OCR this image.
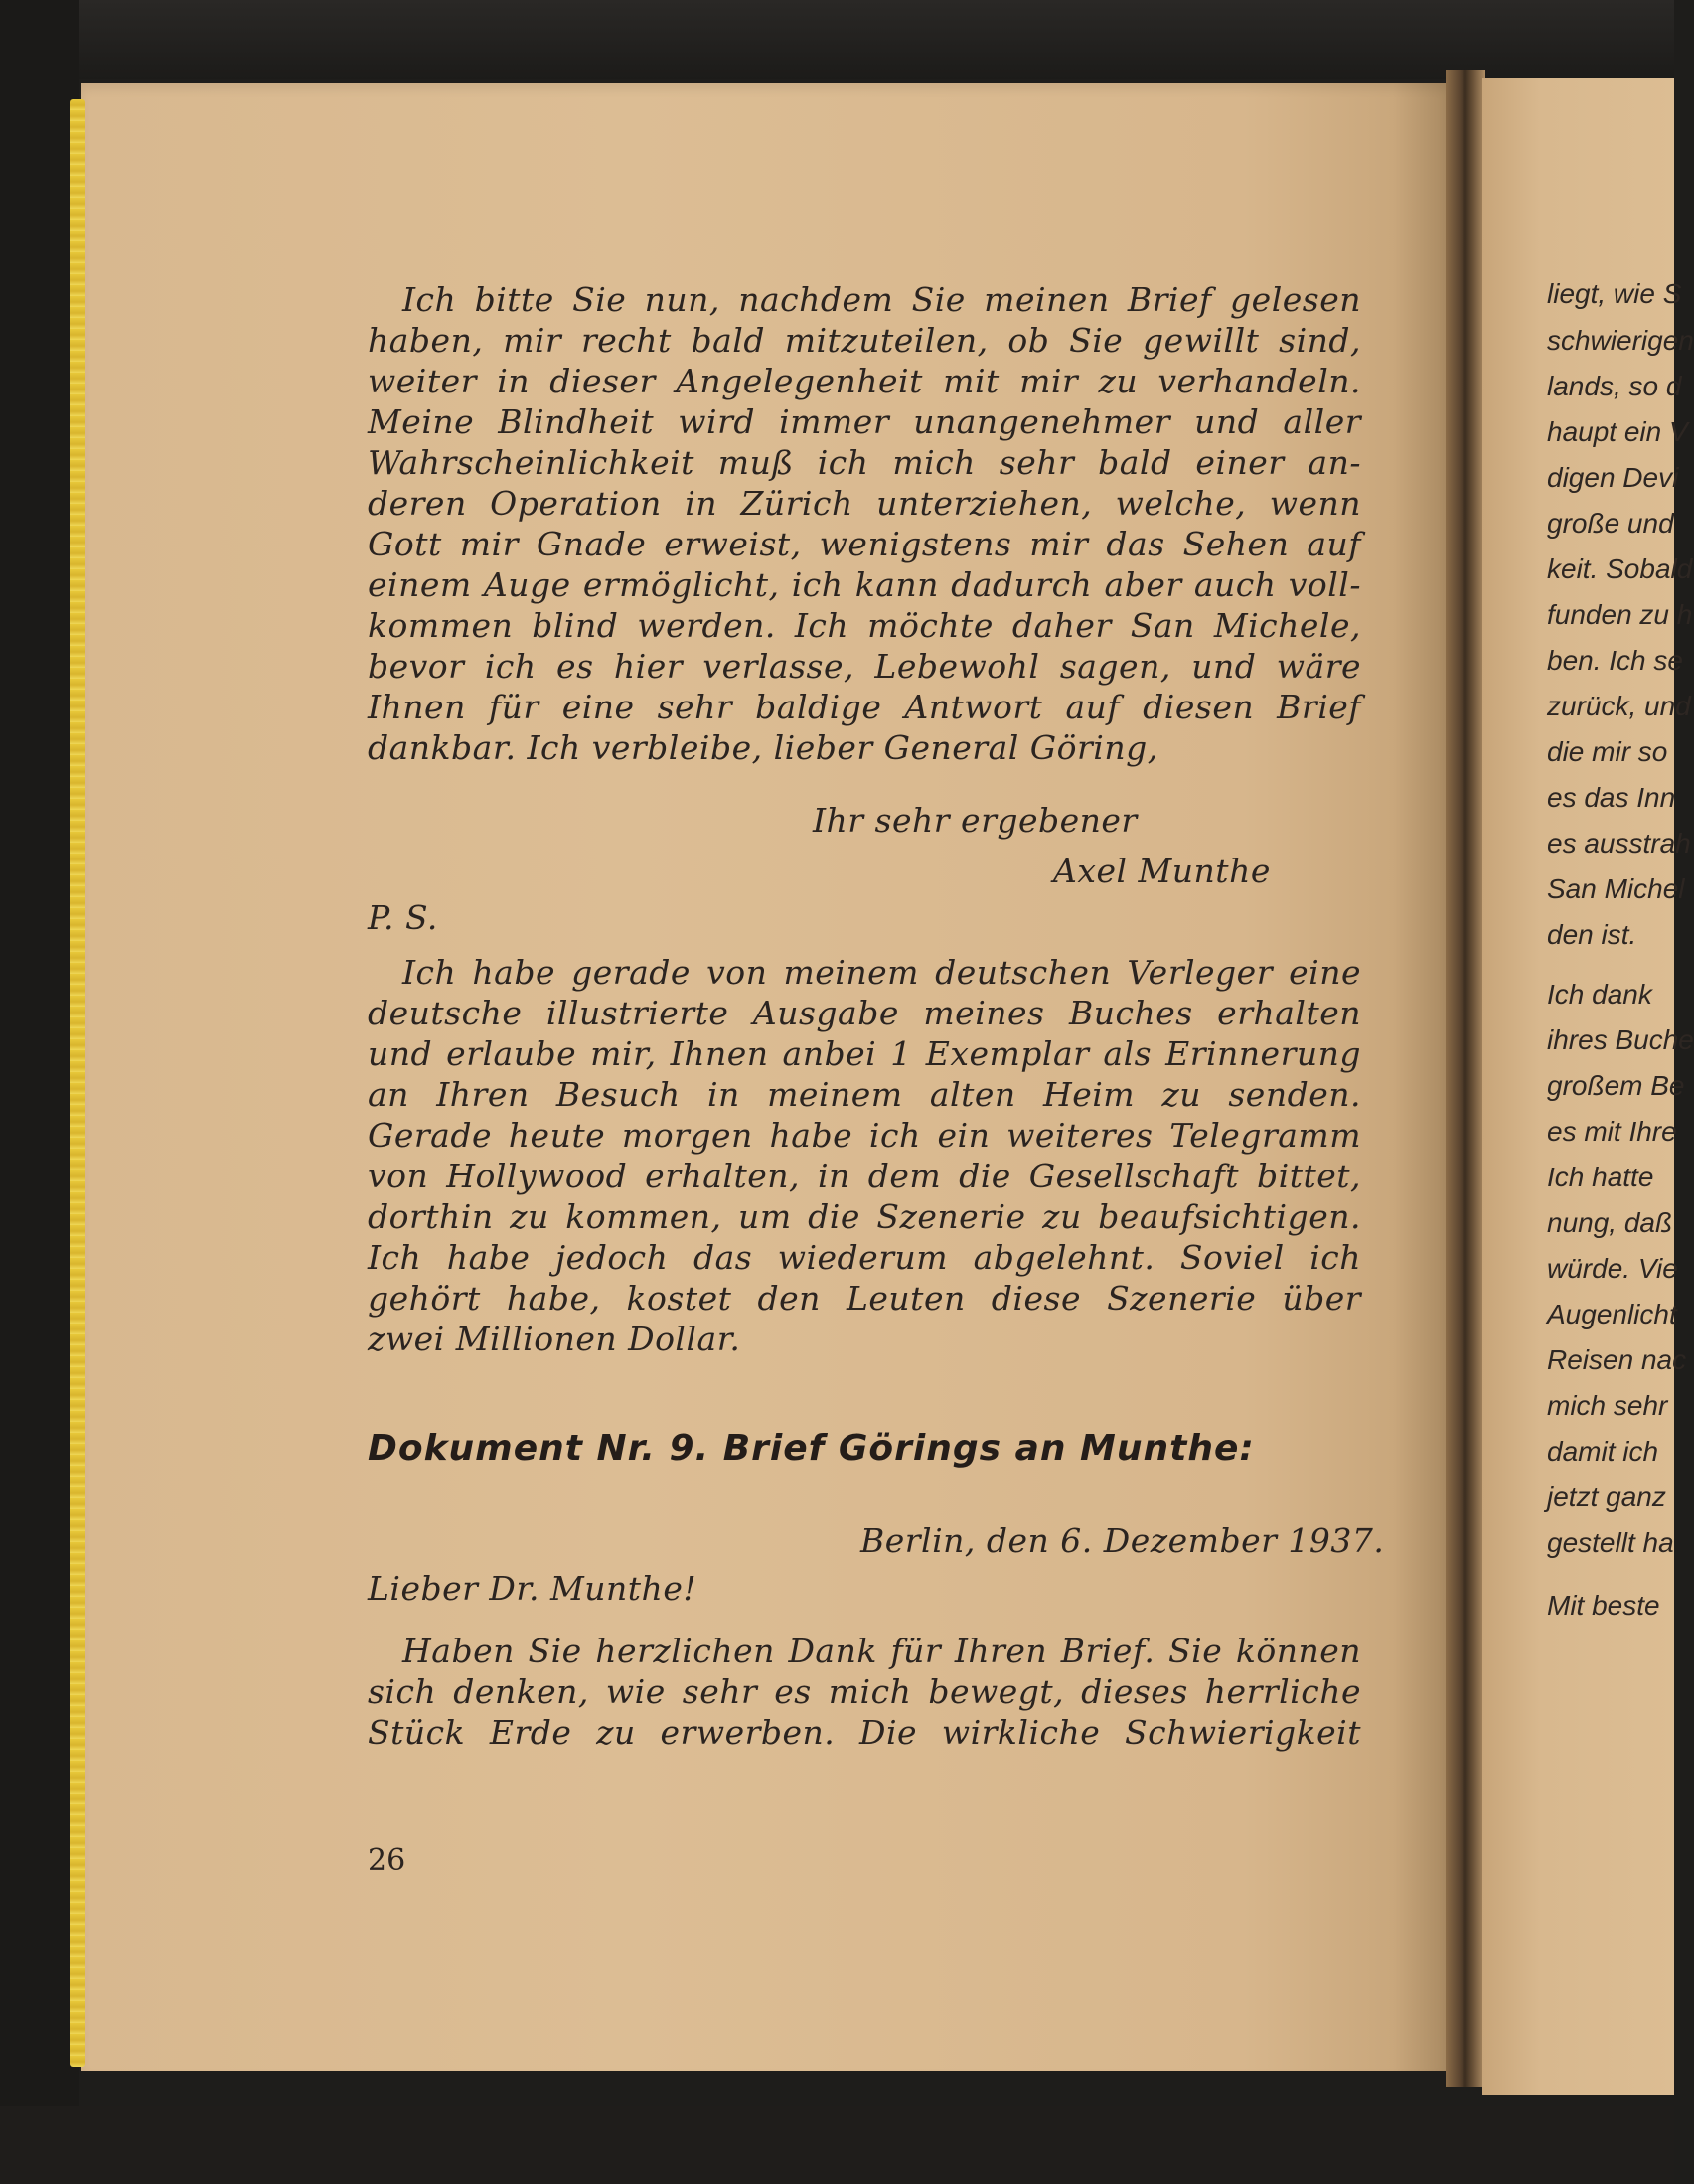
Ich bitte Sie nun, nachdem Sie meinen Brief gelesen
haben, mir recht bald mitzuteilen, ob Sie gewillt sind,
weiter in dieser Angelegenheit mit mir zu verhandeln.
Meine Blindheit wird immer unangenehmer und aller
Wahrscheinlichkeit muß ich mich sehr bald einer an-
deren Operation in Zürich unterziehen, welche, wenn
Gott mir Gnade erweist, wenigstens mir das Sehen auf
einem Auge ermöglicht, ich kann dadurch aber auch voll-
kommen blind werden. Ich möchte daher San Michele,
bevor ich es hier verlasse, Lebewohl sagen, und wäre
Ihnen für eine sehr baldige Antwort auf diesen Brief
dankbar. Ich verbleibe, lieber General Göring,
Ihr sehr ergebener
Axel Munthe
P. S.
Ich habe gerade von meinem deutschen Verleger eine
deutsche illustrierte Ausgabe meines Buches erhalten
und erlaube mir, Ihnen anbei 1 Exemplar als Erinnerung
an Ihren Besuch in meinem alten Heim zu senden.
Gerade heute morgen habe ich ein weiteres Telegramm
von Hollywood erhalten, in dem die Gesellschaft bittet,
dorthin zu kommen, um die Szenerie zu beaufsichtigen.
Ich habe jedoch das wiederum abgelehnt. Soviel ich
gehört habe, kostet den Leuten diese Szenerie über
zwei Millionen Dollar.
Dokument Nr. 9. Brief Görings an Munthe:
Berlin, den 6. Dezember 1937.
Lieber Dr. Munthe!
Haben Sie herzlichen Dank für Ihren Brief. Sie können
sich denken, wie sehr es mich bewegt, dieses herrliche
Stück Erde zu erwerben. Die wirkliche Schwierigkeit
26
liegt, wie S
schwierigen
lands, so d
haupt ein V
digen Devi
große und
keit. Sobald
funden zu h
ben. Ich se
zurück, und
die mir so
es das Inn
es ausstrah
San Michel
den ist.
Ich dank
ihres Buche
großem Be
es mit Ihre
Ich hatte
nung, daß
würde. Vie
Augenlicht
Reisen nac
mich sehr
damit ich
jetzt ganz
gestellt ha
Mit beste
